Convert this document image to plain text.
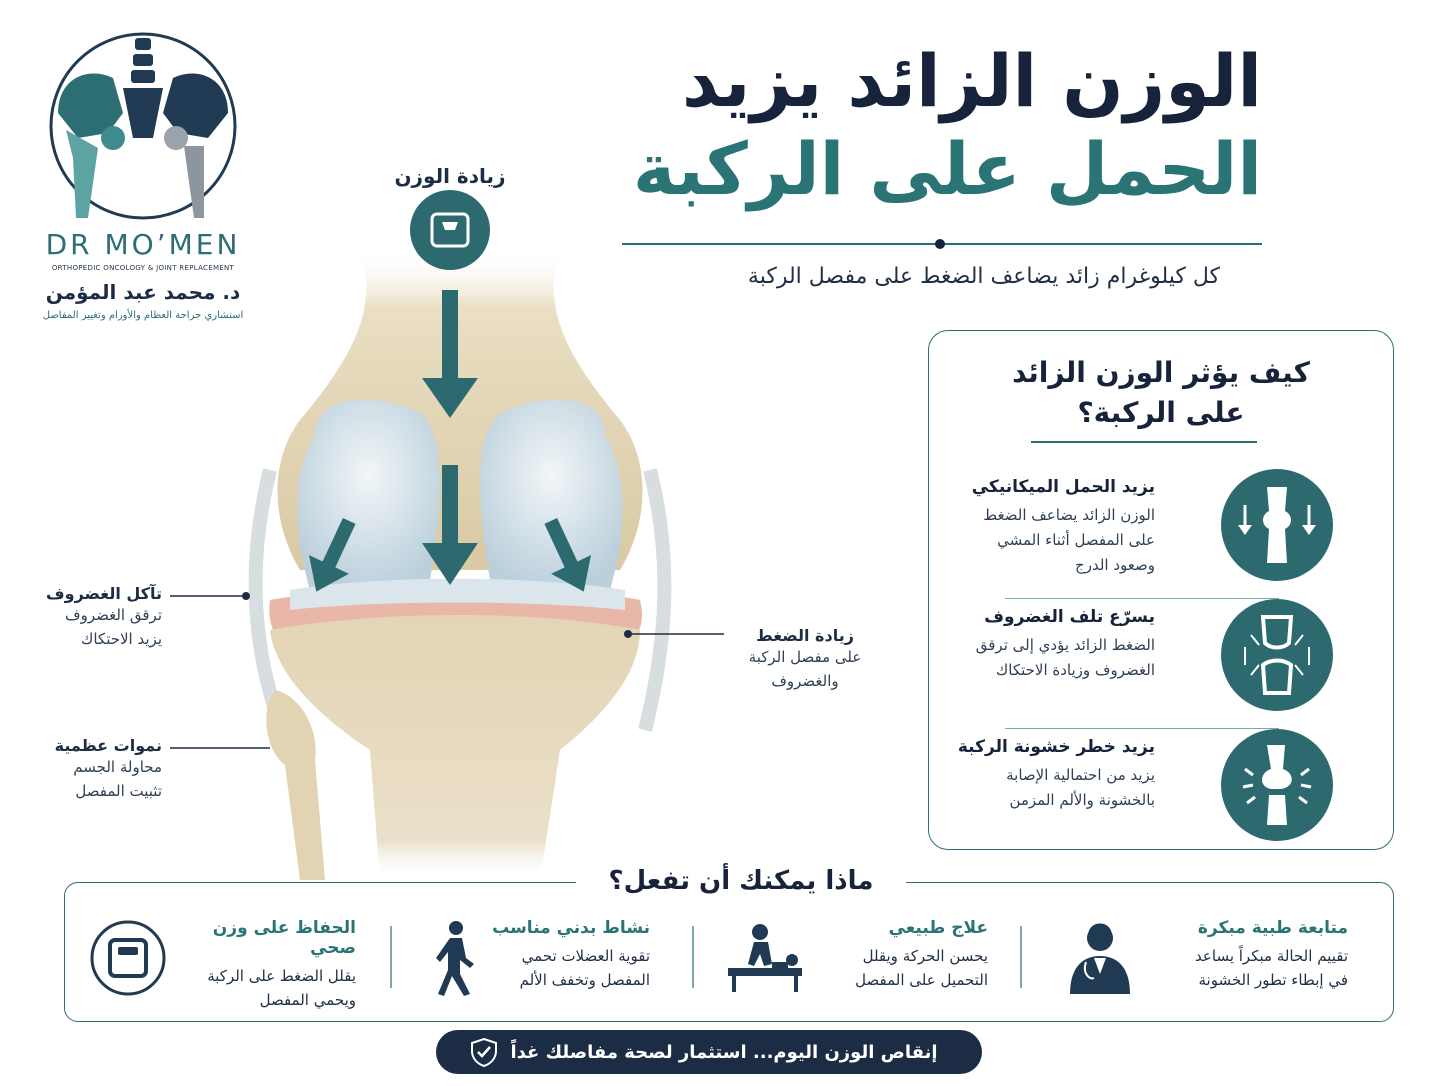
DR MO’MEN
ORTHOPEDIC ONCOLOGY & JOINT REPLACEMENT
د. محمد عبد المؤمن
استشاري جراحة العظام والأورام وتغيير المفاصل
الوزن الزائد يزيد
الحمل على الركبة
كل كيلوغرام زائد يضاعف الضغط على مفصل الركبة
زيادة الوزن
تآكل الغضروف
ترقق الغضروف
يزيد الاحتكاك
نموات عظمية
محاولة الجسم
تثبيت المفصل
زيادة الضغط
على مفصل الركبة
والغضروف
كيف يؤثر الوزن الزائد
على الركبة؟
يزيد الحمل الميكانيكي
الوزن الزائد يضاعف الضغط
على المفصل أثناء المشي
وصعود الدرج
يسرّع تلف الغضروف
الضغط الزائد يؤدي إلى ترقق
الغضروف وزيادة الاحتكاك
يزيد خطر خشونة الركبة
يزيد من احتمالية الإصابة
بالخشونة والألم المزمن
ماذا يمكنك أن تفعل؟
متابعة طبية مبكرة
تقييم الحالة مبكراً يساعد
في إبطاء تطور الخشونة
علاج طبيعي
يحسن الحركة ويقلل
التحميل على المفصل
نشاط بدني مناسب
تقوية العضلات تحمي
المفصل وتخفف الألم
الحفاظ على وزن صحي
يقلل الضغط على الركبة
ويحمي المفصل
إنقاص الوزن اليوم... استثمار لصحة مفاصلك غداً
